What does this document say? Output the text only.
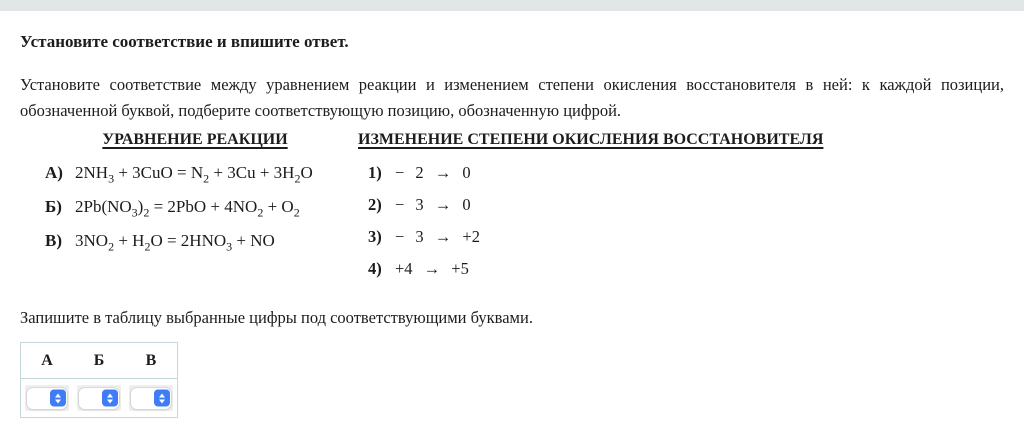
Установите соответствие и впишите ответ.

Установите соответствие между уравнением реакции и изменением степени окисления восстановителя в ней: к каждой позиции, обозначенной буквой, подберите соответствующую позицию, обозначенную цифрой.

УРАВНЕНИЕ РЕАКЦИИ
А) $2NH_3 + 3CuO = N_2 + 3Cu + 3H_2O$
Б) $2Pb(NO_3)_2 = 2PbO + 4NO_2 + O_2$
В) $3NO_2 + H_2O = 2HNO_3$ + NO
ИЗМЕНЕНИЕ СТЕПЕНИ ОКИСЛЕНИЯ ВОССТАНОВИТЕЛЯ
1) − 2 → 0
2) − 3 → 0
3) − 3 → +2
4) +4 → +5

Запишите в таблицу выбранные цифры под соответствующими буквами.

А	Б	В
